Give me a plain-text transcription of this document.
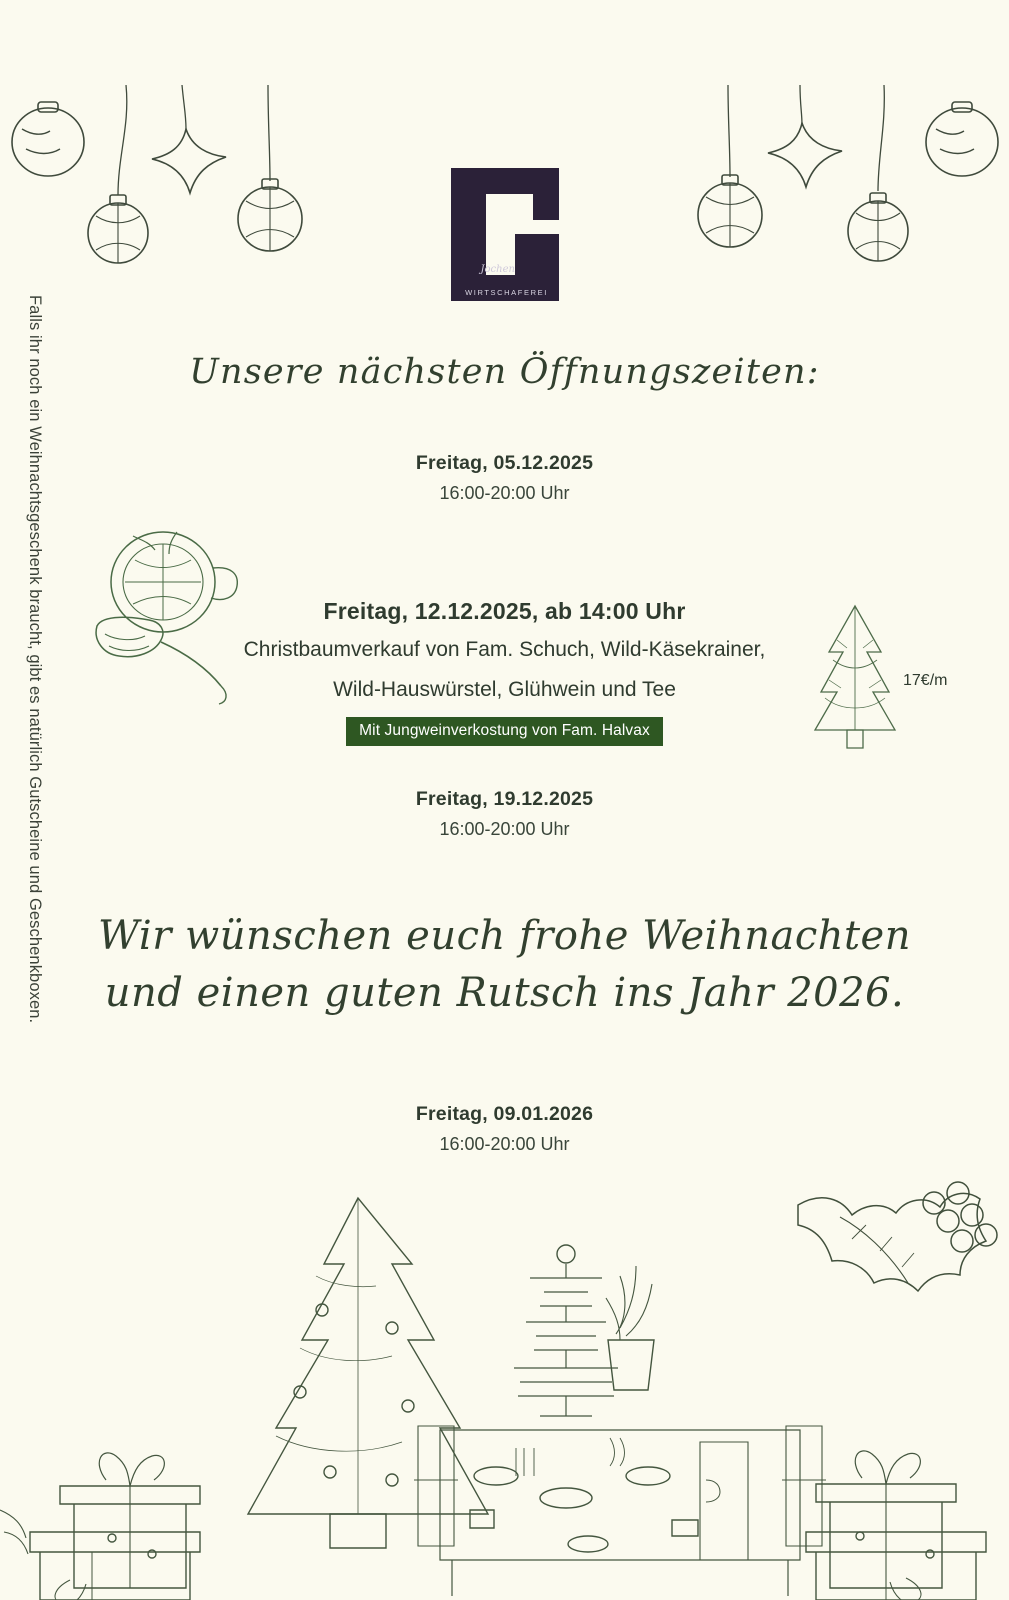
Falls ihr noch ein Weihnachtsgeschenk braucht, gibt es natürlich Gutscheine und Geschenkboxen.
Jochen
WIRTSCHAFEREI
Unsere nächsten Öffnungszeiten:
Freitag, 05.12.2025
16:00-20:00 Uhr
Freitag, 12.12.2025, ab 14:00 Uhr
Christbaumverkauf von Fam. Schuch, Wild-Käsekrainer,
Wild-Hauswürstel, Glühwein und Tee
Mit Jungweinverkostung von Fam. Halvax
17€/m
Freitag, 19.12.2025
16:00-20:00 Uhr
Wir wünschen euch frohe Weihnachten
und einen guten Rutsch ins Jahr 2026.
Freitag, 09.01.2026
16:00-20:00 Uhr
